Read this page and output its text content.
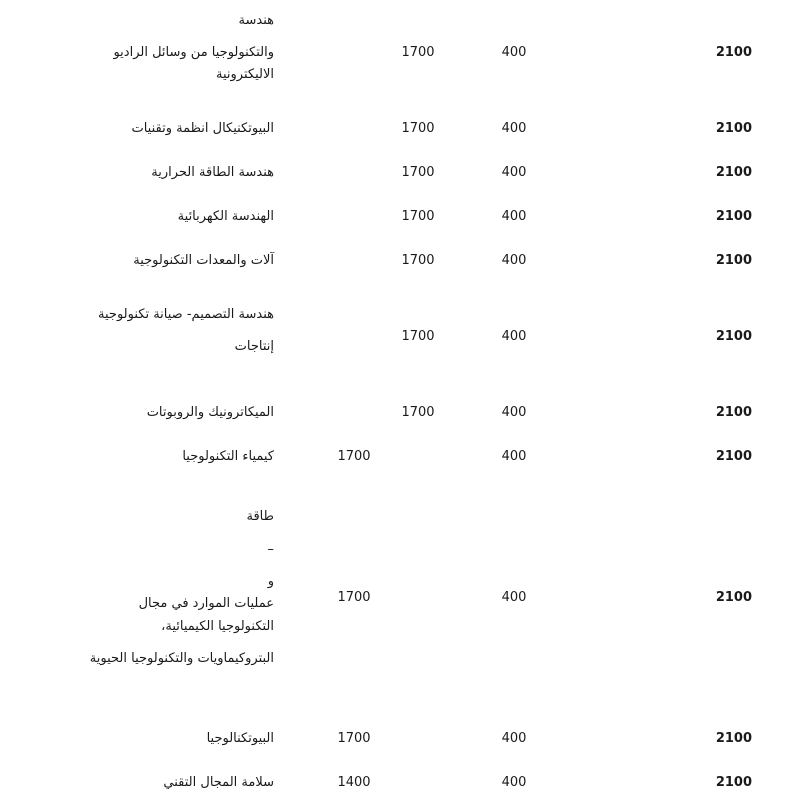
هندسة
والتكنولوجيا من وسائل الراديو
الاليكترونية
1700	400	2100
البيوتكنيكال انظمة وتقنيات	1700	400	2100
هندسة الطاقة الحرارية	1700	400	2100
الهندسة الكهربائية	1700	400	2100
آلات والمعدات التكنولوجية	1700	400	2100
هندسة التصميم- صيانة تكنولوجية
إنتاجات
1700	400	2100
الميكاترونيك والروبوتات	1700	400	2100
كيمياء التكنولوجيا	1700	400	2100
طاقة
–
و
عمليات الموارد في مجال
التكنولوجيا الكيميائية،
البتروكيماويات والتكنولوجيا الحيوية
1700	400	2100
البيوتكنالوجيا	1700	400	2100
سلامة المجال التقني	1400	400	2100
